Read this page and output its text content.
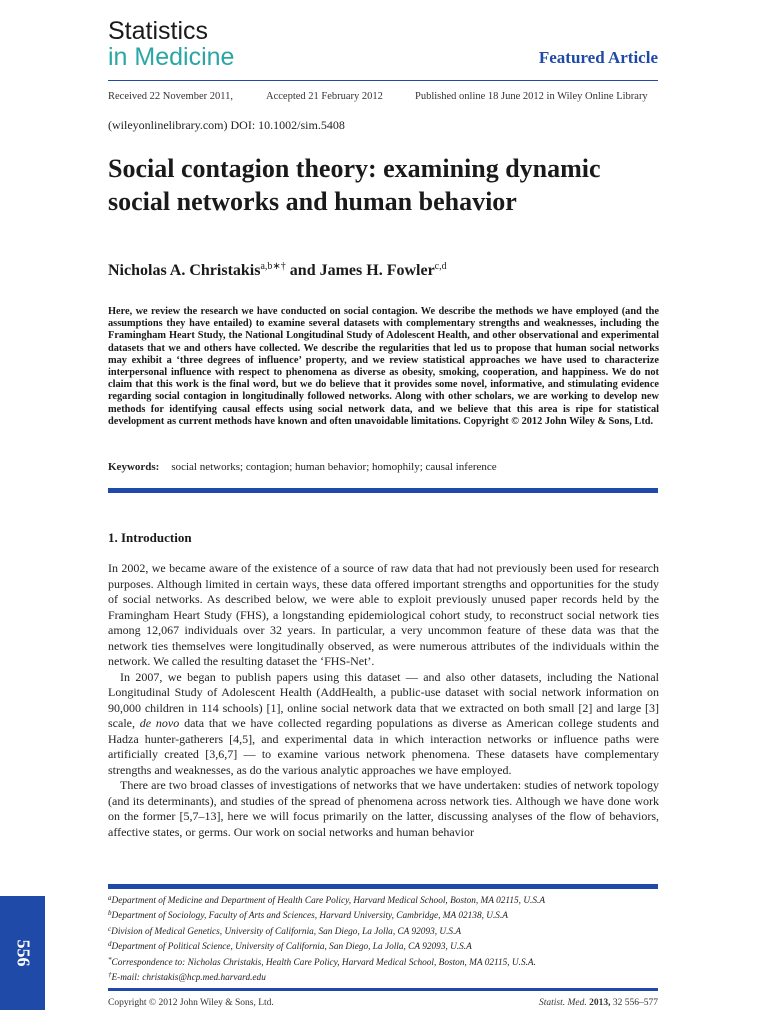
Statistics
in Medicine	Featured Article
Received 22 November 2011,	Accepted 21 February 2012	Published online 18 June 2012 in Wiley Online Library
(wileyonlinelibrary.com) DOI: 10.1002/sim.5408
Social contagion theory: examining dynamic social networks and human behavior
Nicholas A. Christakis$^{a,b∗\dagger}$ and James H. Fowler$^{c,d}$
Here, we review the research we have conducted on social contagion. We describe the methods we have employed (and the assumptions they have entailed) to examine several datasets with complementary strengths and weaknesses, including the Framingham Heart Study, the National Longitudinal Study of Adolescent Health, and other observational and experimental datasets that we and others have collected. We describe the regularities that led us to propose that human social networks may exhibit a ‘three degrees of influence’ property, and we review statistical approaches we have used to characterize interpersonal influence with respect to phenomena as diverse as obesity, smoking, cooperation, and happiness. We do not claim that this work is the final word, but we do believe that it provides some novel, informative, and stimulating evidence regarding social contagion in longitudinally followed networks. Along with other scholars, we are working to develop new methods for identifying causal effects using social network data, and we believe that this area is ripe for statistical development as current methods have known and often unavoidable limitations. Copyright © 2012 John Wiley & Sons, Ltd.
Keywords: social networks; contagion; human behavior; homophily; causal inference
1. Introduction

In 2002, we became aware of the existence of a source of raw data that had not previously been used for research purposes. Although limited in certain ways, these data offered important strengths and opportunities for the study of social networks. As described below, we were able to exploit previously unused paper records held by the Framingham Heart Study (FHS), a longstanding epidemiological cohort study, to reconstruct social network ties among 12,067 individuals over 32 years. In particular, a very uncommon feature of these data was that the network ties themselves were longitudinally observed, as were numerous attributes of the individuals within the network. We called the resulting dataset the ‘FHS-Net’.

In 2007, we began to publish papers using this dataset — and also other datasets, including the National Longitudinal Study of Adolescent Health (AddHealth, a public-use dataset with social network information on 90,000 children in 114 schools) [1], online social network data that we extracted on both small [2] and large [3] scale, de novo data that we have collected regarding populations as diverse as American college students and Hadza hunter-gatherers [4,5], and experimental data in which interaction networks or influence paths were artificially created [3,6,7] — to examine various network phenomena. These datasets have complementary strengths and weaknesses, as do the various analytic approaches we have employed.

There are two broad classes of investigations of networks that we have undertaken: studies of network topology (and its determinants), and studies of the spread of phenomena across network ties. Although we have done work on the former [5,7–13], here we will focus primarily on the latter, discussing analyses of the flow of behaviors, affective states, or germs. Our work on social networks and human behavior

$^a$Department of Medicine and Department of Health Care Policy, Harvard Medical School, Boston, MA 02115, U.S.A
$^b$Department of Sociology, Faculty of Arts and Sciences, Harvard University, Cambridge, MA 02138, U.S.A
$^c$Division of Medical Genetics, University of California, San Diego, La Jolla, CA 92093, U.S.A
$^d$Department of Political Science, University of California, San Diego, La Jolla, CA 92093, U.S.A
*Correspondence to: Nicholas Christakis, Health Care Policy, Harvard Medical School, Boston, MA 02115, U.S.A.
†E-mail: christakis@hcp.med.harvard.edu
Copyright © 2012 John Wiley & Sons, Ltd.	Statist. Med. 2013, 32 556–577
556
